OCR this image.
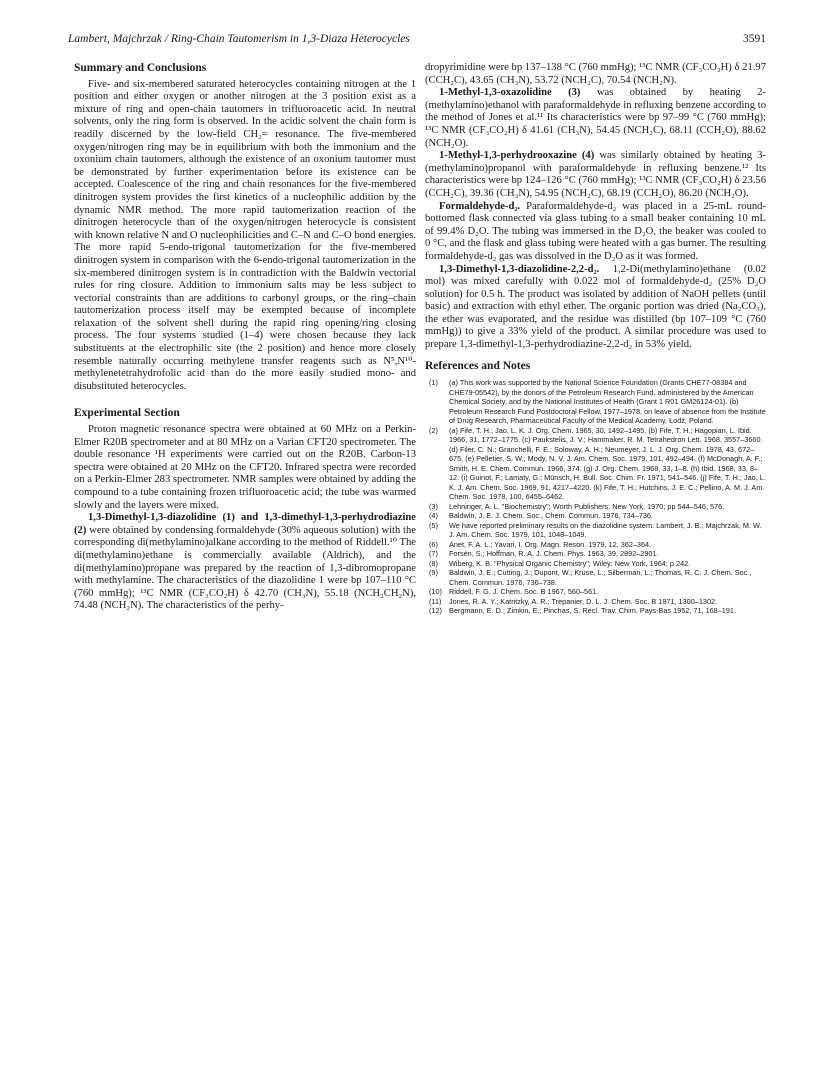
Lambert, Majchrzak / Ring-Chain Tautomerism in 1,3-Diaza Heterocycles	3591
Summary and Conclusions

Five- and six-membered saturated heterocycles containing nitrogen at the 1 position and either oxygen or another nitrogen at the 3 position exist as a mixture of ring and open-chain tautomers in trifluoroacetic acid. In neutral solvents, only the ring form is observed. In the acidic solvent the chain form is readily discerned by the low-field CH₂= resonance. The five-membered oxygen/nitrogen ring may be in equilibrium with both the immonium and the oxonium chain tautomers, although the existence of an oxonium tautomer must be demonstrated by further experimentation before its existence can be accepted. Coalescence of the ring and chain resonances for the five-membered dinitrogen system provides the first kinetics of a nucleophilic addition by the dynamic NMR method. The more rapid tautomerization reaction of the dinitrogen heterocycle than of the oxygen/nitrogen heterocycle is consistent with known relative N and O nucleophilicities and C–N and C–O bond energies. The more rapid 5-endo-trigonal tautomerization for the five-membered dinitrogen system in comparison with the 6-endo-trigonal tautomerization in the six-membered dinitrogen system is in contradiction with the Baldwin vectorial rules for ring closure. Addition to immonium salts may be less subject to vectorial constraints than are additions to carbonyl groups, or the ring–chain tautomerization process itself may be exempted because of incomplete relaxation of the solvent shell during the rapid ring opening/ring closing process. The four systems studied (1–4) were chosen because they lack substituents at the electrophilic site (the 2 position) and hence more closely resemble naturally occurring methylene transfer reagents such as N⁵,N¹⁰-methylenetetrahydrofolic acid than do the more easily studied mono- and disubstituted heterocycles.

Experimental Section

Proton magnetic resonance spectra were obtained at 60 MHz on a Perkin-Elmer R20B spectrometer and at 80 MHz on a Varian CFT20 spectrometer. The double resonance ¹H experiments were carried out on the R20B. Carbon-13 spectra were obtained at 20 MHz on the CFT20. Infrared spectra were recorded on a Perkin-Elmer 283 spectrometer. NMR samples were obtained by adding the compound to a tube containing frozen trifluoroacetic acid; the tube was warmed slowly and the layers were mixed.

1,3-Dimethyl-1,3-diazolidine (1) and 1,3-dimethyl-1,3-perhydrodiazine (2) were obtained by condensing formaldehyde (30% aqueous solution) with the corresponding di(methylamino)alkane according to the method of Riddell.¹⁰ The di(methylamino)ethane is commercially available (Aldrich), and the di(methylamino)propane was prepared by the reaction of 1,3-dibromopropane with methylamine. The characteristics of the diazolidine 1 were bp 107–110 °C (760 mmHg); ¹³C NMR (CF₃CO₂H) δ 42.70 (CH₃N), 55.18 (NCH₂CH₂N), 74.48 (NCH₂N). The characteristics of the perhy-

dropyrimidine were bp 137–138 °C (760 mmHg); ¹³C NMR (CF₃CO₂H) δ 21.97 (CCH₂C), 43.65 (CH₃N), 53.72 (NCH₂C), 70.54 (NCH₂N).

1-Methyl-1,3-oxazolidine (3) was obtained by heating 2-(methylamino)ethanol with paraformaldehyde in refluxing benzene according to the method of Jones et al.¹¹ Its characteristics were bp 97–99 °C (760 mmHg); ¹³C NMR (CF₃CO₂H) δ 41.61 (CH₃N), 54.45 (NCH₂C), 68.11 (CCH₂O), 88.62 (NCH₂O).

1-Methyl-1,3-perhydrooxazine (4) was similarly obtained by heating 3-(methylamino)propanol with paraformaldehyde in refluxing benzene.¹² Its characteristics were bp 124–126 °C (760 mmHg); ¹³C NMR (CF₃CO₂H) δ 23.56 (CCH₂C), 39.36 (CH₃N), 54.95 (NCH₂C), 68.19 (CCH₂O), 86.20 (NCH₂O).

Formaldehyde-d₂. Paraformaldehyde-d₂ was placed in a 25-mL round-bottomed flask connected via glass tubing to a small beaker containing 10 mL of 99.4% D₂O. The tubing was immersed in the D₂O, the beaker was cooled to 0 °C, and the flask and glass tubing were heated with a gas burner. The resulting formaldehyde-d₂ gas was dissolved in the D₂O as it was formed.

1,3-Dimethyl-1,3-diazolidine-2,2-d₂. 1,2-Di(methylamino)ethane (0.02 mol) was mixed carefully with 0.022 mol of formaldehyde-d₂ (25% D₂O solution) for 0.5 h. The product was isolated by addition of NaOH pellets (until basic) and extraction with ethyl ether. The organic portion was dried (Na₂CO₃), the ether was evaporated, and the residue was distilled (bp 107–109 °C (760 mmHg)) to give a 33% yield of the product. A similar procedure was used to prepare 1,3-dimethyl-1,3-perhydrodiazine-2,2-d₂ in 53% yield.

References and Notes
(1) (a) This work was supported by the National Science Foundation (Grants CHE77-08384 and CHE79-05542), by the donors of the Petroleum Research Fund, administered by the American Chemical Society, and by the National Institutes of Health (Grant 1 R01 GM26124-01). (b) Petroleum Research Fund Postdoctoral Fellow, 1977–1978, on leave of absence from the Institute of Drug Research, Pharmaceutical Faculty of the Medical Academy, Łodź, Poland.
(2) (a) Fife, T. H.; Jao, L. K. J. Org. Chem. 1965, 30, 1492–1495. (b) Fife, T. H.; Hagopian, L. Ibid. 1966, 31, 1772–1775. (c) Paukstelis, J. V.; Hammaker, R. M. Tetrahedron Lett. 1968, 3557–3660. (d) Filer, C. N.; Granchelli, F. E.; Soloway, A. H.; Neumeyer, J. L. J. Org. Chem. 1978, 43, 672–675. (e) Pelletier, S. W.; Mody, N. V. J. Am. Chem. Soc. 1979, 101, 492–494. (f) McDonagh, A. F.; Smith, H. E. Chem. Commun. 1966, 374. (g) J. Org. Chem. 1968, 33, 1–8. (h) Ibid. 1968, 33, 8–12. (i) Guinot, F.; Lamaty, G.; Münsch, H. Bull. Soc. Chim. Fr. 1971, 541–546. (j) Fife, T. H.; Jao, L. K. J. Am. Chem. Soc. 1969, 91, 4217–4220. (k) Fife, T. H.; Hutchins, J. E. C.; Pellino, A. M. J. Am. Chem. Soc. 1978, 100, 6455–6462.
(3) Lehninger, A. L. "Biochemistry"; Worth Publishers: New York, 1970; pp 544–546, 576.
(4) Baldwin, J. E. J. Chem. Soc., Chem. Commun. 1976, 734–736.
(5) We have reported preliminary results on the diazolidine system: Lambert, J. B.; Majchrzak, M. W. J. Am. Chem. Soc. 1979, 101, 1048–1049.
(6) Anet, F. A. L.; Yavari, I. Org. Magn. Reson. 1979, 12, 362–364.
(7) Forsén, S.; Hoffman, R. A. J. Chem. Phys. 1963, 39, 2892–2901.
(8) Wiberg, K. B. "Physical Organic Chemistry"; Wiley: New York, 1964; p 242.
(9) Baldwin, J. E.; Cutting, J.; Dupont, W.; Kruse, L.; Silberman, L.; Thomas, R. C. J. Chem. Soc., Chem. Commun. 1976, 736–738.
(10) Riddell, F. G. J. Chem. Soc. B 1967, 560–561.
(11) Jones, R. A. Y.; Katritzky, A. R.; Trepanier, D. L. J. Chem. Soc. B 1971, 1300–1302.
(12) Bergmann, E. D.; Zimkin, E.; Pinchas, S. Recl. Trav. Chim. Pays-Bas 1952, 71, 168–191.
